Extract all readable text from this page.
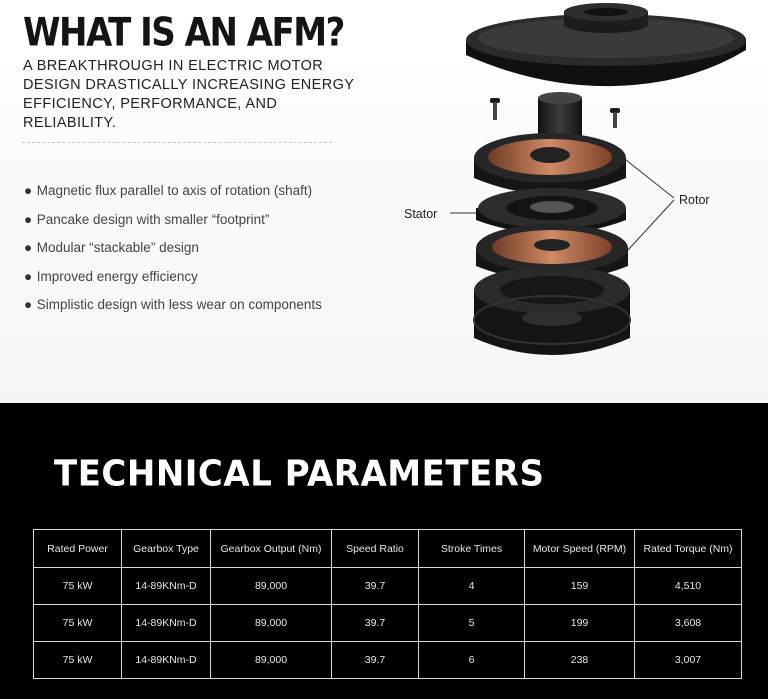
WHAT IS AN AFM?

A BREAKTHROUGH IN ELECTRIC MOTOR DESIGN DRASTICALLY INCREASING ENERGY EFFICIENCY, PERFORMANCE, AND RELIABILITY.

● Magnetic flux parallel to axis of rotation (shaft)
● Pancake design with smaller “footprint”
● Modular “stackable” design
● Improved energy efficiency
● Simplistic design with less wear on components
Stator
Rotor
TECHNICAL PARAMETERS
Rated Power	Gearbox Type	Gearbox Output (Nm)	Speed Ratio	Stroke Times	Motor Speed (RPM)	Rated Torque (Nm)
75 kW	14-89KNm-D	89,000	39.7	4	159	4,510
75 kW	14-89KNm-D	89,000	39.7	5	199	3,608
75 kW	14-89KNm-D	89,000	39.7	6	238	3,007
